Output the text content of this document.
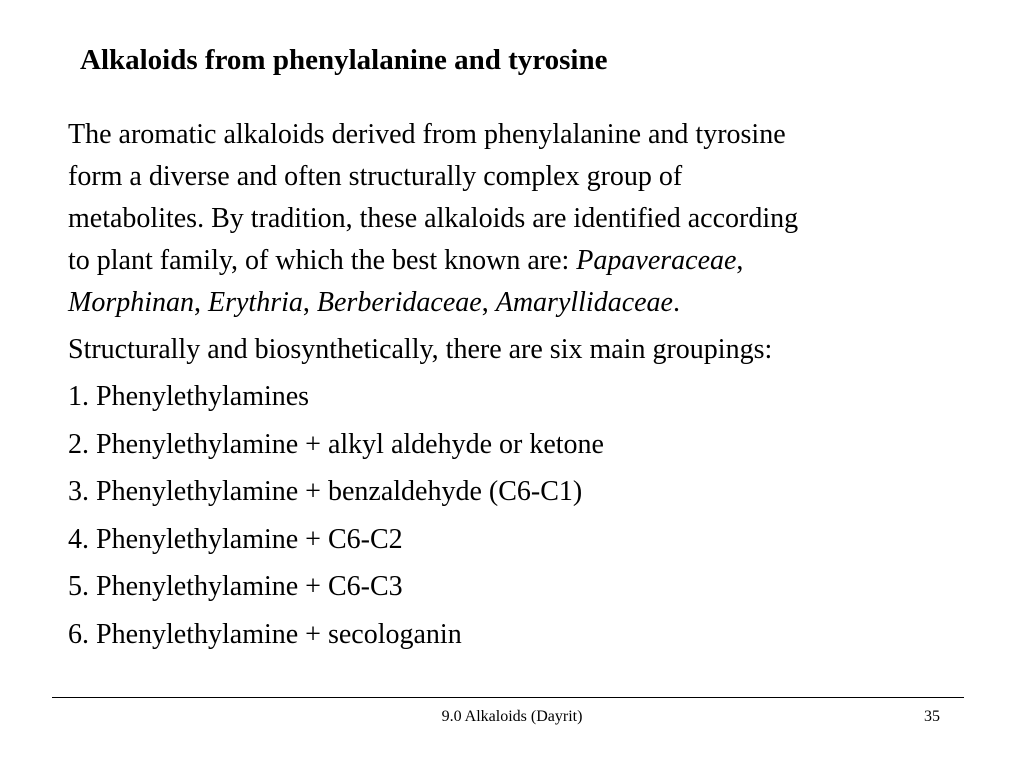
Alkaloids from phenylalanine and tyrosine

The aromatic alkaloids derived from phenylalanine and tyrosine
form a diverse and often structurally complex group of
metabolites. By tradition, these alkaloids are identified according
to plant family, of which the best known are: Papaveraceae,
Morphinan, Erythria, Berberidaceae, Amaryllidaceae.

Structurally and biosynthetically, there are six main groupings:

1. Phenylethylamines
2. Phenylethylamine + alkyl aldehyde or ketone
3. Phenylethylamine + benzaldehyde (C6-C1)
4. Phenylethylamine + C6-C2
5. Phenylethylamine + C6-C3
6. Phenylethylamine + secologanin
9.0 Alkaloids (Dayrit)	35
